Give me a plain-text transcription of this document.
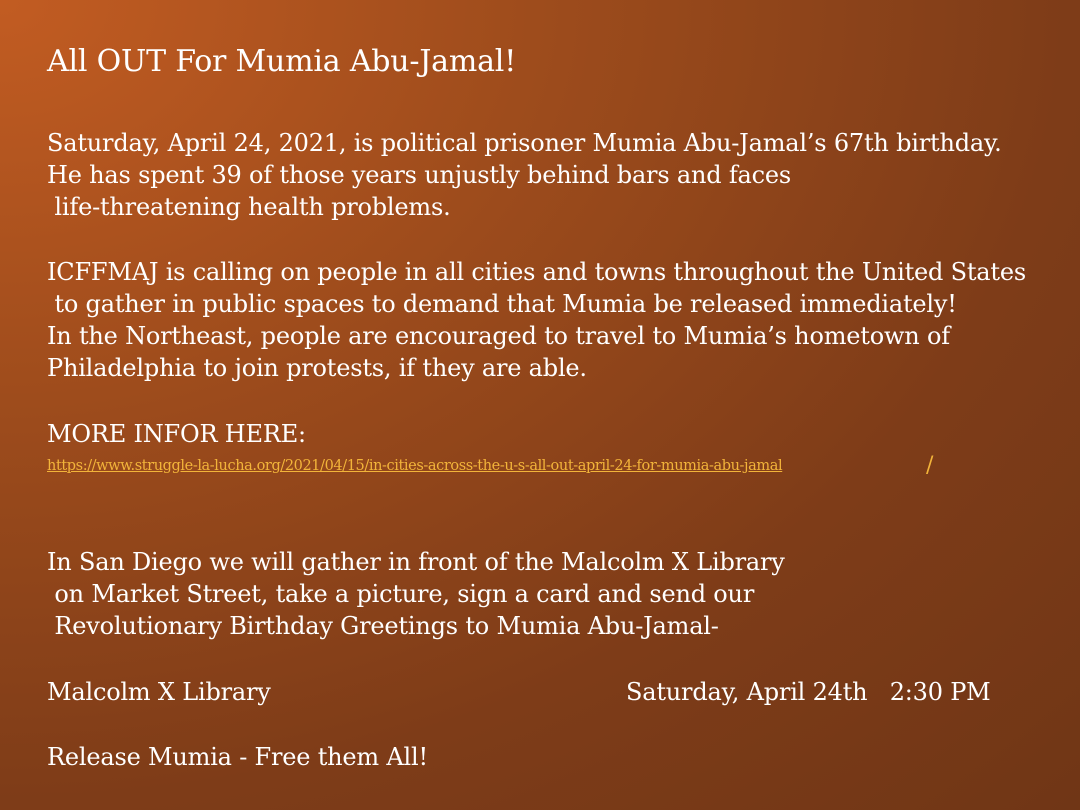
All OUT For Mumia Abu-Jamal!
Saturday, April 24, 2021, is political prisoner Mumia Abu-Jamal’s 67th birthday.
He has spent 39 of those years unjustly behind bars and faces
life-threatening health problems.
ICFFMAJ is calling on people in all cities and towns throughout the United States
to gather in public spaces to demand that Mumia be released immediately!
In the Northeast, people are encouraged to travel to Mumia’s hometown of
Philadelphia to join protests, if they are able.
MORE INFOR HERE:
https://www.struggle-la-lucha.org/2021/04/15/in-cities-across-the-u-s-all-out-april-24-for-mumia-abu-jamal	/
In San Diego we will gather in front of the Malcolm X Library
on Market Street, take a picture, sign a card and send our
Revolutionary Birthday Greetings to Mumia Abu-Jamal-
Malcolm X Library	Saturday, April 24th   2:30 PM
Release Mumia - Free them All!
